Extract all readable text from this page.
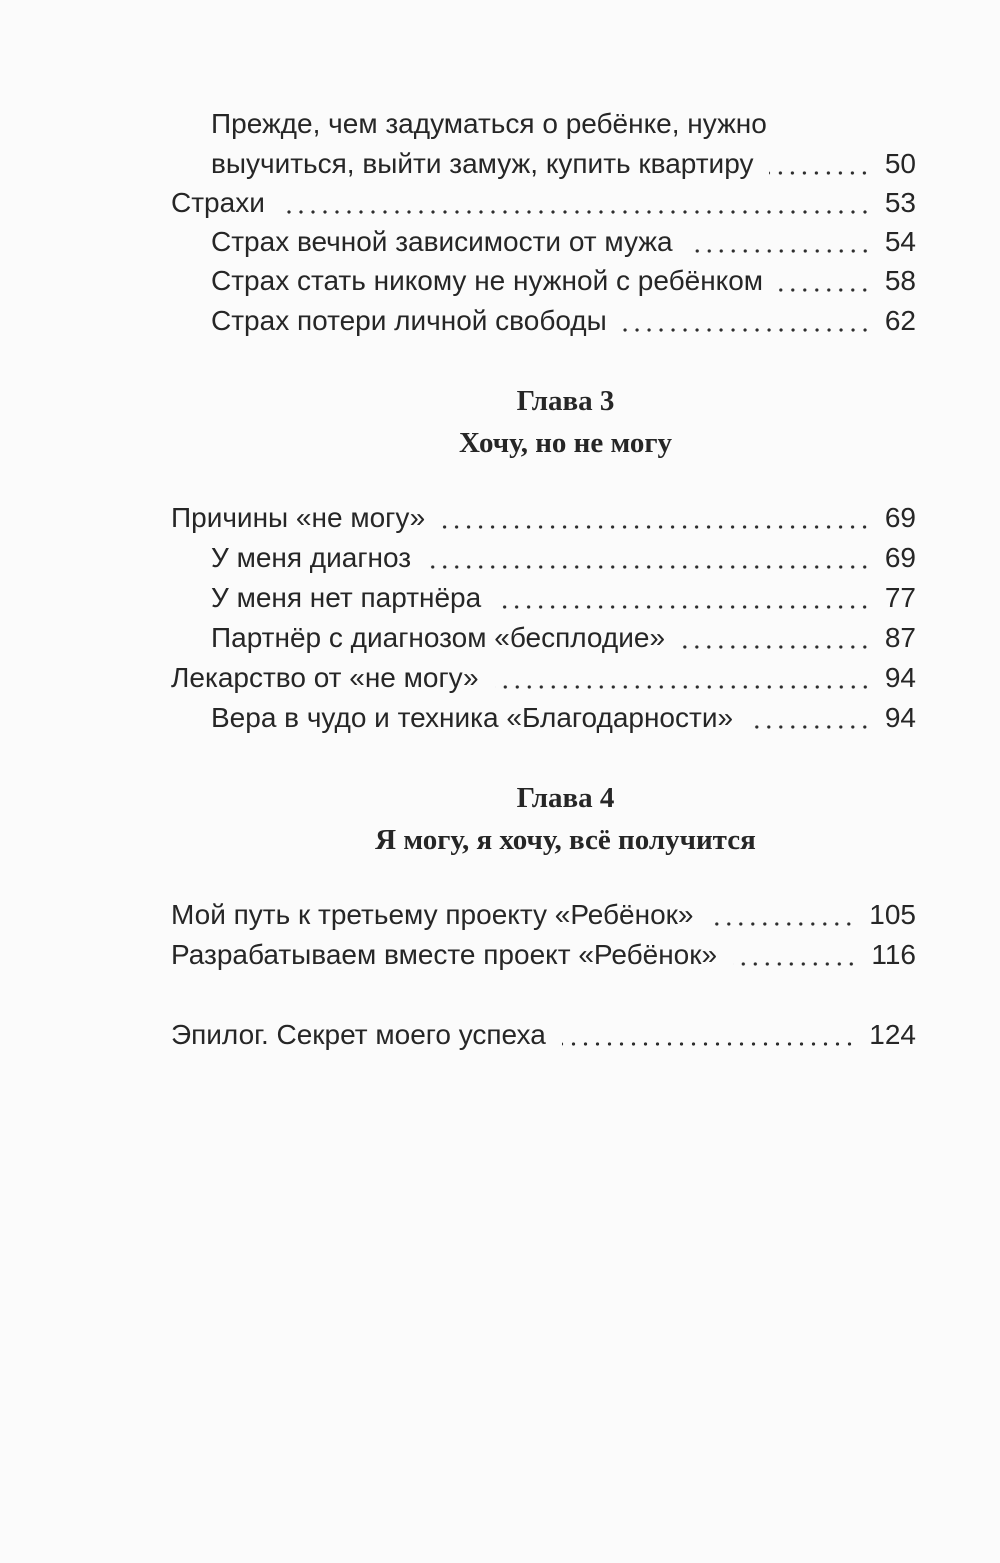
Прежде, чем задуматься о ребёнке, нужно
выучиться, выйти замуж, купить квартиру	50
Страхи	53
Страх вечной зависимости от мужа	54
Страх стать никому не нужной с ребёнком	58
Страх потери личной свободы	62
Глава 3
Хочу, но не могу
Причины «не могу»	69
У меня диагноз	69
У меня нет партнёра	77
Партнёр с диагнозом «бесплодие»	87
Лекарство от «не могу»	94
Вера в чудо и техника «Благодарности»	94
Глава 4
Я могу, я хочу, всё получится
Мой путь к третьему проекту «Ребёнок»	105
Разрабатываем вместе проект «Ребёнок»	116
Эпилог. Секрет моего успеха	124
